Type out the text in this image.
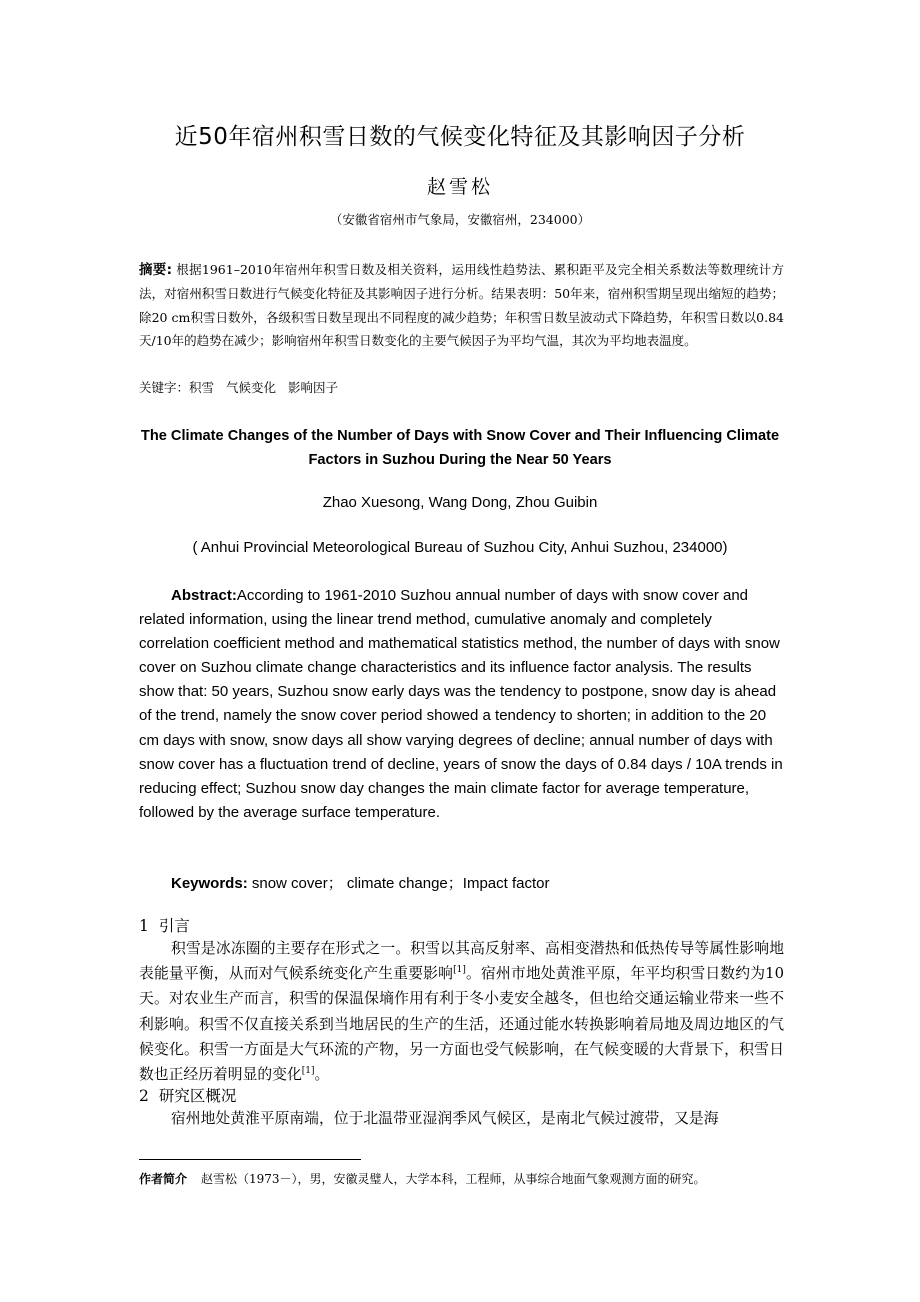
近50年宿州积雪日数的气候变化特征及其影响因子分析
赵雪松
（安徽省宿州市气象局，安徽宿州，234000）
摘要: 根据1961–2010年宿州年积雪日数及相关资料，运用线性趋势法、累积距平及完全相关系数法等数理统计方法，对宿州积雪日数进行气候变化特征及其影响因子进行分析。结果表明：50年来，宿州积雪期呈现出缩短的趋势；除20 cm积雪日数外，各级积雪日数呈现出不同程度的减少趋势；年积雪日数呈波动式下降趋势，年积雪日数以0.84天/10年的趋势在减少；影响宿州年积雪日数变化的主要气候因子为平均气温，其次为平均地表温度。
关键字：积雪 气候变化 影响因子
The Climate Changes of the Number of Days with Snow Cover and Their Influencing Climate Factors in Suzhou During the Near 50 Years
Zhao Xuesong, Wang Dong, Zhou Guibin
( Anhui Provincial Meteorological Bureau of Suzhou City, Anhui Suzhou, 234000)
Abstract:According to 1961-2010 Suzhou annual number of days with snow cover and related information, using the linear trend method, cumulative anomaly and completely correlation coefficient method and mathematical statistics method, the number of days with snow cover on Suzhou climate change characteristics and its influence factor analysis. The results show that: 50 years, Suzhou snow early days was the tendency to postpone, snow day is ahead of the trend, namely the snow cover period showed a tendency to shorten; in addition to the 20 cm days with snow, snow days all show varying degrees of decline; annual number of days with snow cover has a fluctuation trend of decline, years of snow the days of 0.84 days / 10A trends in reducing effect; Suzhou snow day changes the main climate factor for average temperature, followed by the average surface temperature.
Keywords: snow cover； climate change；Impact factor
1 引言
积雪是冰冻圈的主要存在形式之一。积雪以其高反射率、高相变潜热和低热传导等属性影响地表能量平衡，从而对气候系统变化产生重要影响[1]。宿州市地处黄淮平原，年平均积雪日数约为10天。对农业生产而言，积雪的保温保墒作用有利于冬小麦安全越冬，但也给交通运输业带来一些不利影响。积雪不仅直接关系到当地居民的生产的生活，还通过能水转换影响着局地及周边地区的气候变化。积雪一方面是大气环流的产物，另一方面也受气候影响，在气候变暖的大背景下，积雪日数也正经历着明显的变化[1]。
2 研究区概况
宿州地处黄淮平原南端，位于北温带亚湿润季风气候区，是南北气候过渡带，又是海
作者简介 赵雪松（1973－），男，安徽灵璧人，大学本科，工程师，从事综合地面气象观测方面的研究。
